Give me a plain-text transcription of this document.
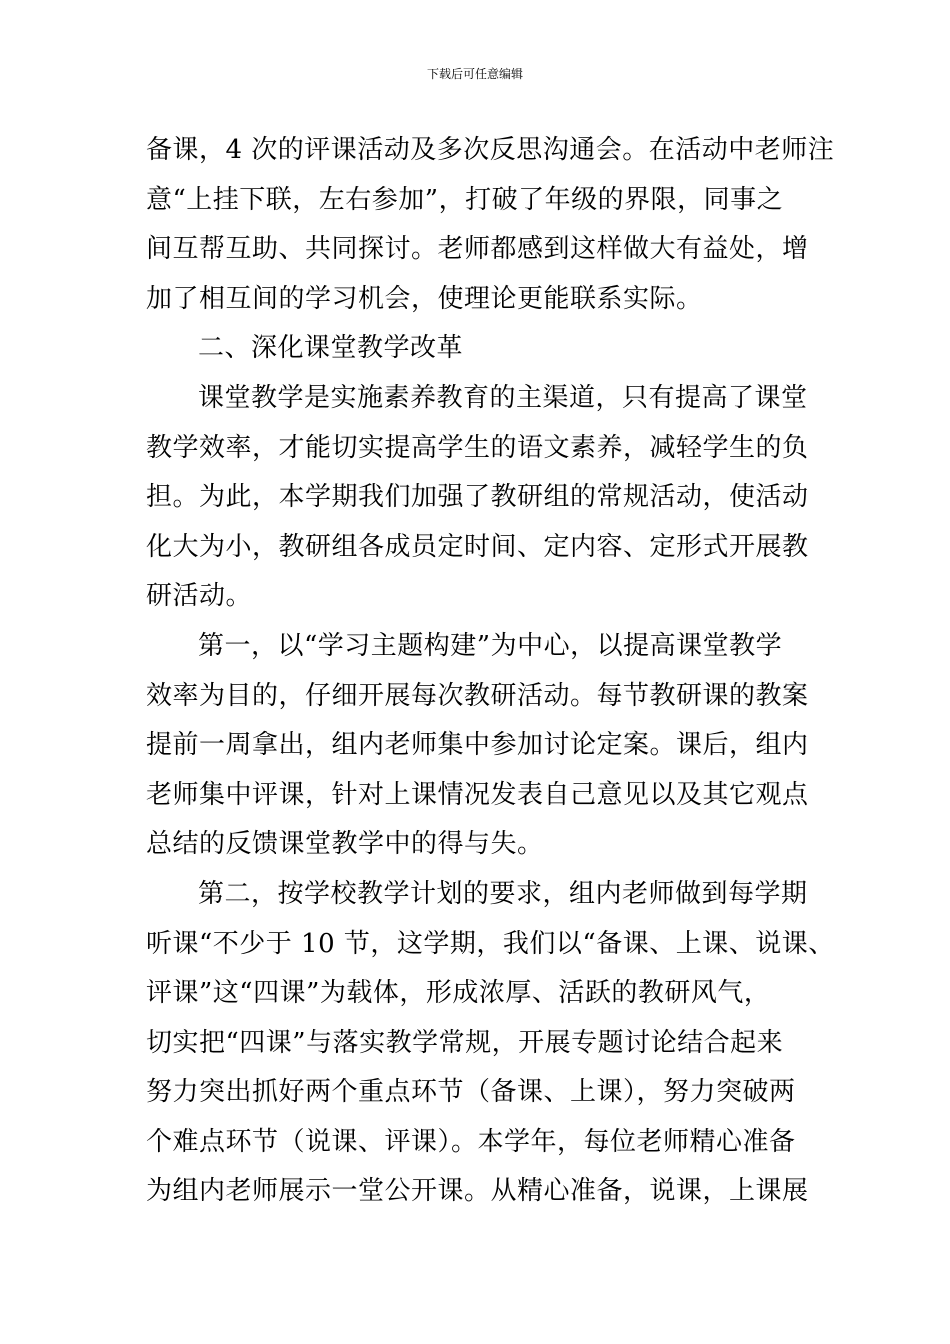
下载后可任意编辑
备课，4 次的评课活动及多次反思沟通会。在活动中老师注
意“上挂下联，左右参加”，打破了年级的界限，同事之
间互帮互助、共同探讨。老师都感到这样做大有益处，增
加了相互间的学习机会，使理论更能联系实际。
二、深化课堂教学改革
课堂教学是实施素养教育的主渠道，只有提高了课堂
教学效率，才能切实提高学生的语文素养，减轻学生的负
担。为此，本学期我们加强了教研组的常规活动，使活动
化大为小，教研组各成员定时间、定内容、定形式开展教
研活动。
第一，以“学习主题构建”为中心，以提高课堂教学
效率为目的，仔细开展每次教研活动。每节教研课的教案
提前一周拿出，组内老师集中参加讨论定案。课后，组内
老师集中评课，针对上课情况发表自己意见以及其它观点
总结的反馈课堂教学中的得与失。
第二，按学校教学计划的要求，组内老师做到每学期
听课“不少于 10 节，这学期，我们以“备课、上课、说课、
评课”这“四课”为载体，形成浓厚、活跃的教研风气，
切实把“四课”与落实教学常规，开展专题讨论结合起来
努力突出抓好两个重点环节（备课、上课），努力突破两
个难点环节（说课、评课）。本学年，每位老师精心准备
为组内老师展示一堂公开课。从精心准备，说课，上课展
